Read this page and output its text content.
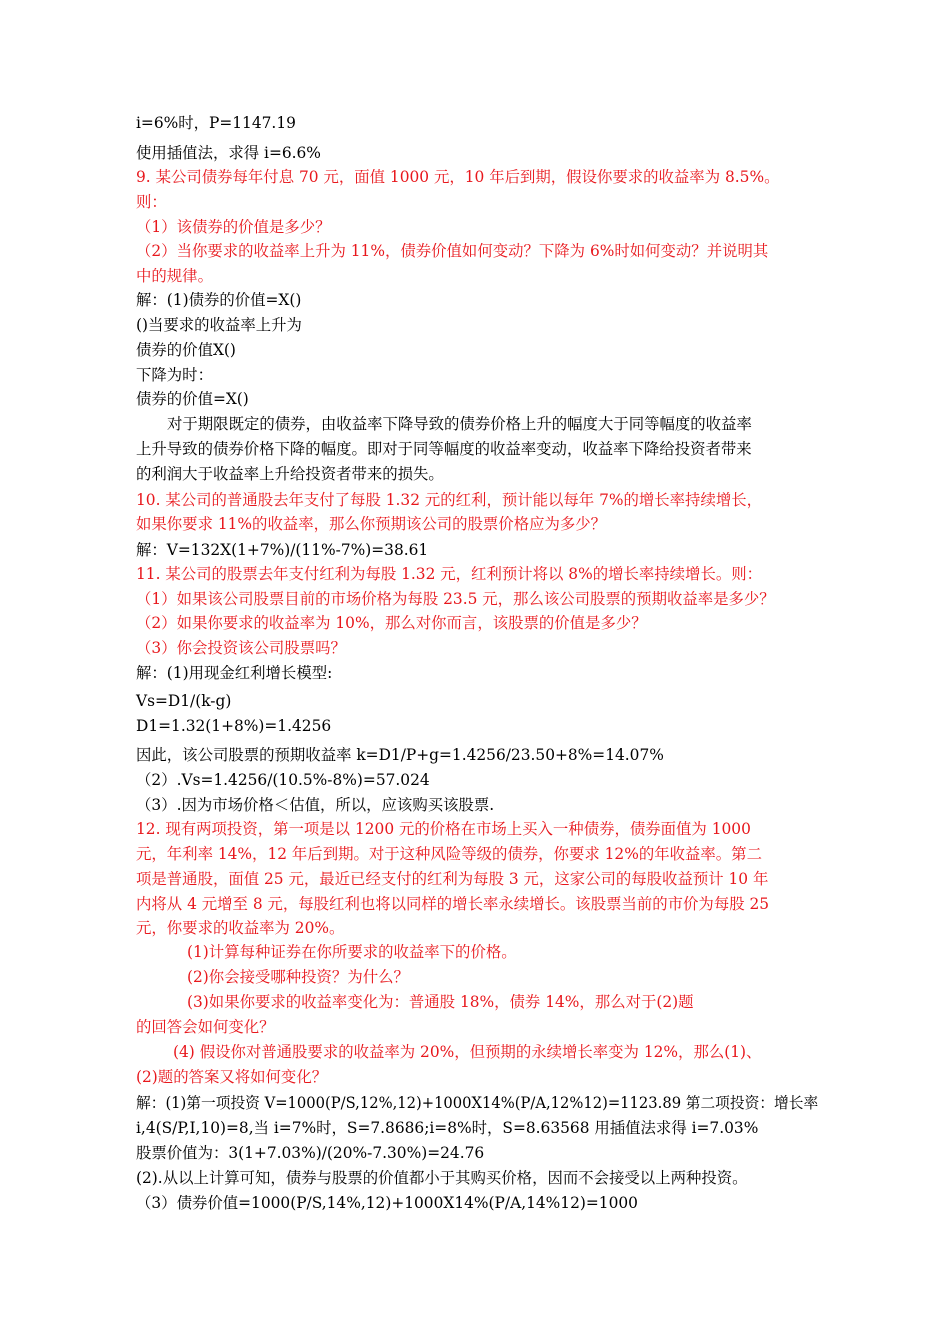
i=6%时，P=1147.19
使用插值法，求得 i=6.6%
9. 某公司债券每年付息 70 元，面值 1000 元，10 年后到期，假设你要求的收益率为 8.5%。
则：
（1）该债券的价值是多少？
（2）当你要求的收益率上升为 11%，债券价值如何变动？下降为 6%时如何变动？并说明其
中的规律。
解：(1)债券的价值=Ⅹ()
()当要求的收益率上升为
债券的价值Ⅹ()
下降为时：
债券的价值=Ⅹ()
对于期限既定的债券，由收益率下降导致的债券价格上升的幅度大于同等幅度的收益率
上升导致的债券价格下降的幅度。即对于同等幅度的收益率变动，收益率下降给投资者带来
的利润大于收益率上升给投资者带来的损失。
10. 某公司的普通股去年支付了每股 1.32 元的红利，预计能以每年 7%的增长率持续增长，
如果你要求 11%的收益率，那么你预期该公司的股票价格应为多少？
解：V=132Ⅹ(1+7%)/(11%-7%)=38.61
11. 某公司的股票去年支付红利为每股 1.32 元，红利预计将以 8%的增长率持续增长。则：
（1）如果该公司股票目前的市场价格为每股 23.5 元，那么该公司股票的预期收益率是多少？
（2）如果你要求的收益率为 10%，那么对你而言，该股票的价值是多少？
（3）你会投资该公司股票吗？
解：(1)用现金红利增长模型:
Vs=D1/(k-g)
D1=1.32(1+8%)=1.4256
因此，该公司股票的预期收益率 k=D1/P+g=1.4256/23.50+8%=14.07%
（2）.Vs=1.4256/(10.5%-8%)=57.024
（3）.因为市场价格＜估值，所以，应该购买该股票.
12. 现有两项投资，第一项是以 1200 元的价格在市场上买入一种债券，债券面值为 1000
元，年利率 14%，12 年后到期。对于这种风险等级的债券，你要求 12%的年收益率。第二
项是普通股，面值 25 元，最近已经支付的红利为每股 3 元，这家公司的每股收益预计 10 年
内将从 4 元增至 8 元，每股红利也将以同样的增长率永续增长。该股票当前的市价为每股 25
元，你要求的收益率为 20%。
(1)计算每种证券在你所要求的收益率下的价格。
(2)你会接受哪种投资？为什么？
(3)如果你要求的收益率变化为：普通股 18%，债券 14%，那么对于(2)题
的回答会如何变化？
(4) 假设你对普通股要求的收益率为 20%，但预期的永续增长率变为 12%，那么(1)、
(2)题的答案又将如何变化？
解：(1)第一项投资 V=1000(P/S,12%,12)+1000Ⅹ14%(P/A,12%12)=1123.89 第二项投资：增长率
i,4(S/P,I,10)=8,当 i=7%时，S=7.8686;i=8%时，S=8.63568 用插值法求得 i=7.03%
股票价值为：3(1+7.03%)/(20%-7.30%)=24.76
(2).从以上计算可知，债券与股票的价值都小于其购买价格，因而不会接受以上两种投资。
（3）债券价值=1000(P/S,14%,12)+1000Ⅹ14%(P/A,14%12)=1000
